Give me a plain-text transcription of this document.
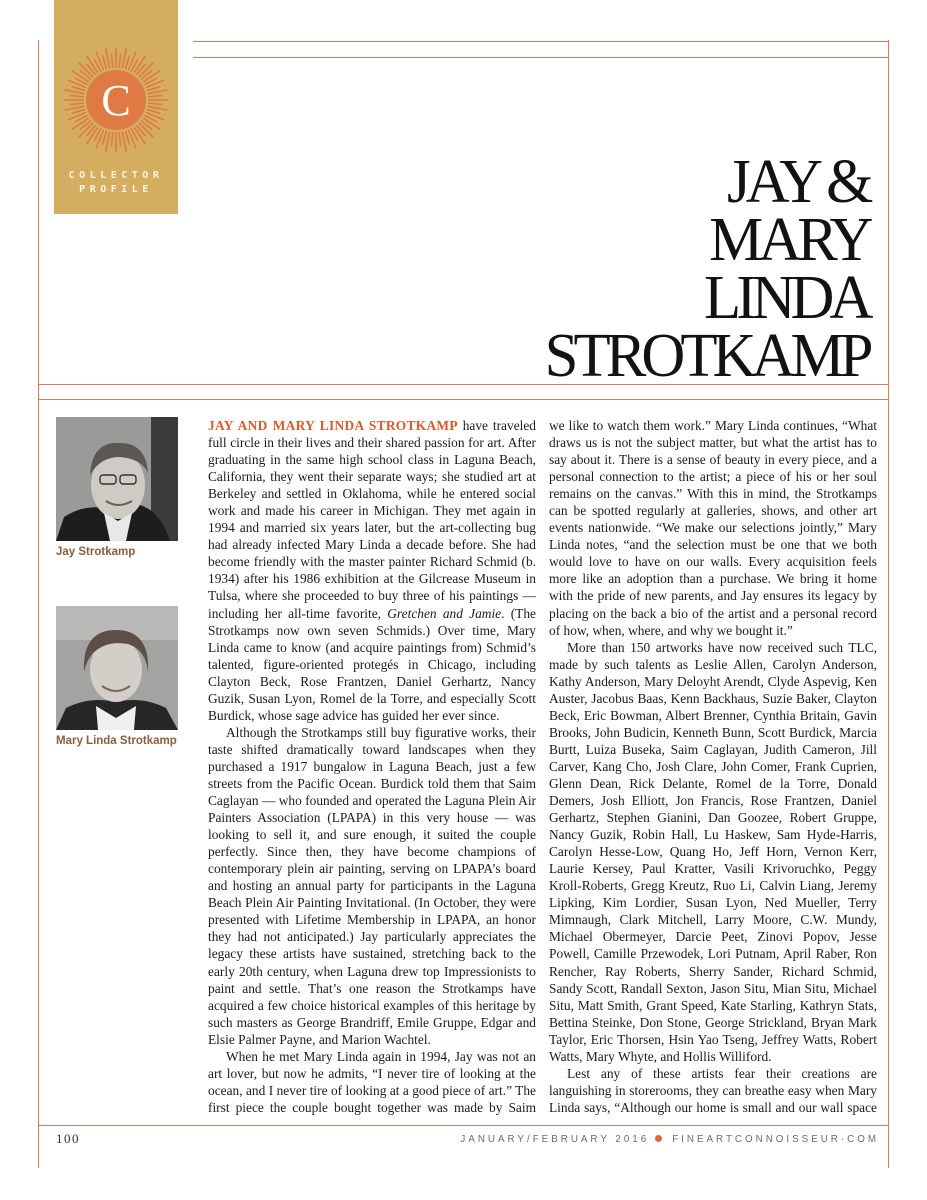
C
COLLECTOR
PROFILE	JAY &
MARY
LINDA
STROTKAMP
Jay Strotkamp
Mary Linda Strotkamp

JAY AND MARY LINDA STROTKAMP have traveled full circle in their lives and their shared passion for art. After graduating in the same high school class in Laguna Beach, California, they went their separate ways; she studied art at Berkeley and settled in Oklahoma, while he entered social work and made his career in Michigan. They met again in 1994 and married six years later, but the art-collecting bug had already infected Mary Linda a decade before. She had become friendly with the master painter Richard Schmid (b. 1934) after his 1986 exhibition at the Gilcrease Museum in Tulsa, where she proceeded to buy three of his paintings — including her all-time favorite, Gretchen and Jamie. (The Strotkamps now own seven Schmids.) Over time, Mary Linda came to know (and acquire paintings from) Schmid’s talented, figure-oriented protegés in Chicago, including Clayton Beck, Rose Frantzen, Daniel Gerhartz, Nancy Guzik, Susan Lyon, Romel de la Torre, and especially Scott Burdick, whose sage advice has guided her ever since.

Although the Strotkamps still buy figurative works, their taste shifted dramatically toward landscapes when they purchased a 1917 bungalow in Laguna Beach, just a few streets from the Pacific Ocean. Burdick told them that Saim Caglayan — who founded and operated the Laguna Plein Air Painters Association (LPAPA) in this very house — was looking to sell it, and sure enough, it suited the couple perfectly. Since then, they have become champions of contemporary plein air painting, serving on LPAPA’s board and hosting an annual party for participants in the Laguna Beach Plein Air Painting Invitational. (In October, they were presented with Lifetime Membership in LPAPA, an honor they had not anticipated.) Jay particularly appreciates the legacy these artists have sustained, stretching back to the early 20th century, when Laguna drew top Impressionists to paint and settle. That’s one reason the Strotkamps have acquired a few choice historical examples of this heritage by such masters as George Brandriff, Emile Gruppe, Edgar and Elsie Palmer Payne, and Marion Wachtel.

When he met Mary Linda again in 1994, Jay was not an art lover, but now he admits, “I never tire of looking at the ocean, and I never tire of looking at a good piece of art.” The first piece the couple bought together was made by Saim

we like to watch them work.” Mary Linda continues, “What draws us is not the subject matter, but what the artist has to say about it. There is a sense of beauty in every piece, and a personal connection to the artist; a piece of his or her soul remains on the canvas.” With this in mind, the Strotkamps can be spotted regularly at galleries, shows, and other art events nationwide. “We make our selections jointly,” Mary Linda notes, “and the selection must be one that we both would love to have on our walls. Every acquisition feels more like an adoption than a purchase. We bring it home with the pride of new parents, and Jay ensures its legacy by placing on the back a bio of the artist and a personal record of how, when, where, and why we bought it.”

More than 150 artworks have now received such TLC, made by such talents as Leslie Allen, Carolyn Anderson, Kathy Anderson, Mary Deloyht Arendt, Clyde Aspevig, Ken Auster, Jacobus Baas, Kenn Backhaus, Suzie Baker, Clayton Beck, Eric Bowman, Albert Brenner, Cynthia Britain, Gavin Brooks, John Budicin, Kenneth Bunn, Scott Burdick, Marcia Burtt, Luiza Buseka, Saim Caglayan, Judith Cameron, Jill Carver, Kang Cho, Josh Clare, John Comer, Frank Cuprien, Glenn Dean, Rick Delante, Romel de la Torre, Donald Demers, Josh Elliott, Jon Francis, Rose Frantzen, Daniel Gerhartz, Stephen Gianini, Dan Goozee, Robert Gruppe, Nancy Guzik, Robin Hall, Lu Haskew, Sam Hyde-Harris, Carolyn Hesse-Low, Quang Ho, Jeff Horn, Vernon Kerr, Laurie Kersey, Paul Kratter, Vasili Krivoruchko, Peggy Kroll-Roberts, Gregg Kreutz, Ruo Li, Calvin Liang, Jeremy Lipking, Kim Lordier, Susan Lyon, Ned Mueller, Terry Mimnaugh, Clark Mitchell, Larry Moore, C.W. Mundy, Michael Obermeyer, Darcie Peet, Zinovi Popov, Jesse Powell, Camille Przewodek, Lori Putnam, April Raber, Ron Rencher, Ray Roberts, Sherry Sander, Richard Schmid, Sandy Scott, Randall Sexton, Jason Situ, Mian Situ, Michael Situ, Matt Smith, Grant Speed, Kate Starling, Kathryn Stats, Bettina Steinke, Don Stone, George Strickland, Bryan Mark Taylor, Eric Thorsen, Hsin Yao Tseng, Jeffrey Watts, Robert Watts, Mary Whyte, and Hollis Williford.

Lest any of these artists fear their creations are languishing in storerooms, they can breathe easy when Mary Linda says, “Although our home is small and our wall space

100	JANUARY/FEBRUARY 2016 FINEARTCONNOISSEUR·COM
